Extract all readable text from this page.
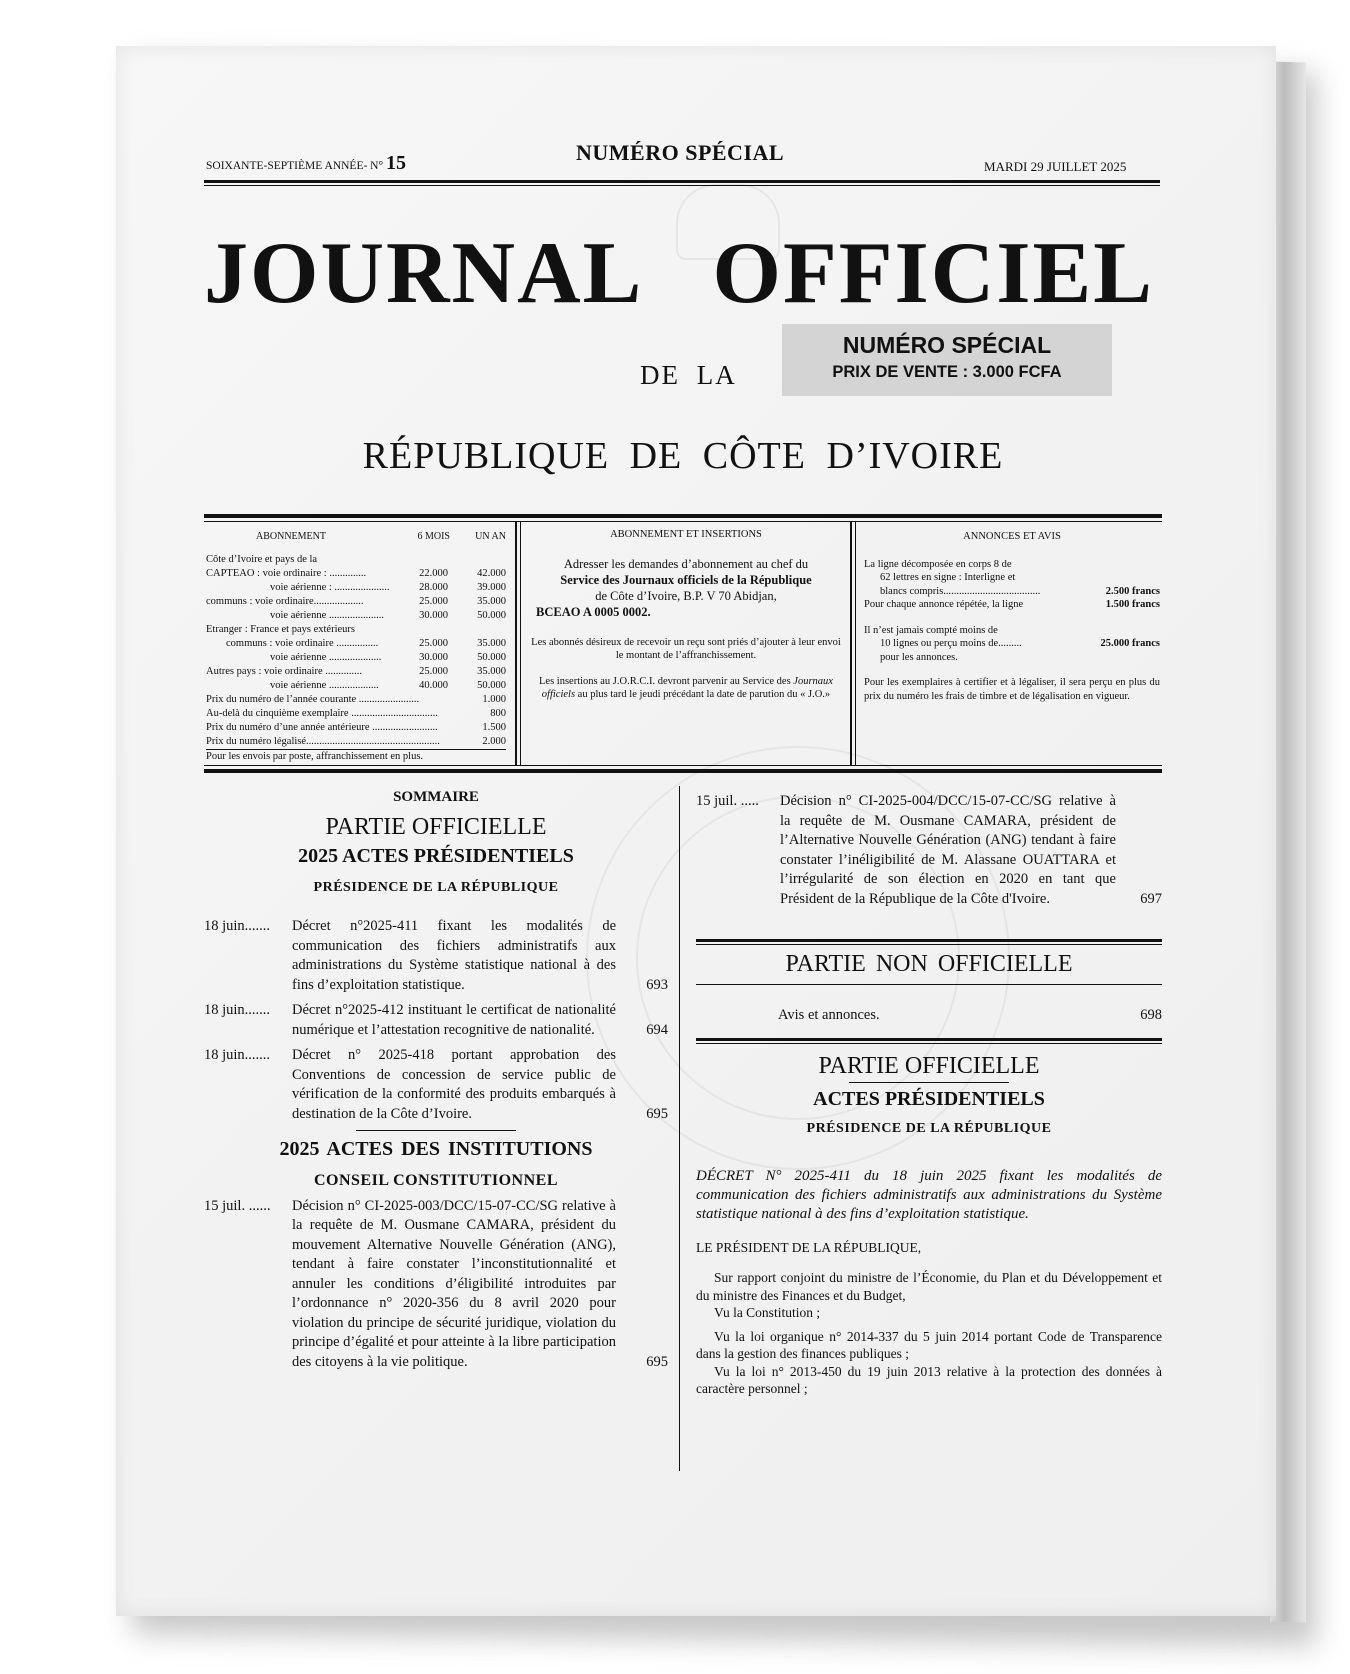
SOIXANTE-SEPTIÈME ANNÉE- N° 15	NUMÉRO SPÉCIAL
MARDI 29 JUILLET 2025
JOURNAL OFFICIEL
DE LA
NUMÉRO SPÉCIAL
PRIX DE VENTE : 3.000 FCFA
RÉPUBLIQUE DE CÔTE D’IVOIRE
ABONNEMENT	6 MOIS	UN AN
Côte d’Ivoire et pays de la
CAPTEAO : voie ordinaire : ..............	22.000	42.000
voie aérienne : .....................	28.000	39.000
communs : voie ordinaire...................	25.000	35.000
voie aérienne .....................	30.000	50.000
Etranger : France et pays extérieurs
communs : voie ordinaire ................	25.000	35.000
voie aérienne ....................	30.000	50.000
Autres pays : voie ordinaire ..............	25.000	35.000
voie aérienne ...................	40.000	50.000
Prix du numéro de l’année courante .......................	1.000
Au-delà du cinquième exemplaire .................................	800
Prix du numéro d’une année antérieure .........................	1.500
Prix du numéro légalisé...................................................	2.000
Pour les envois par poste, affranchissement en plus.
ABONNEMENT ET INSERTIONS
Adresser les demandes d’abonnement au chef du
Service des Journaux officiels de la République
de Côte d’Ivoire, B.P. V 70 Abidjan,
BCEAO A 0005 0002.
Les abonnés désireux de recevoir un reçu sont priés d’ajouter à leur envoi le montant de l’affranchissement.
Les insertions au J.O.R.C.I. devront parvenir au Service des Journaux officiels au plus tard le jeudi précédant la date de parution du « J.O.»
ANNONCES ET AVIS
La ligne décomposée en corps 8 de
62 lettres en signe : Interligne et
blancs compris.....................................	2.500 francs
Pour chaque annonce répétée, la ligne	1.500 francs
Il n’est jamais compté moins de
10 lignes ou perçu moins de.........	25.000 francs
pour les annonces.
Pour les exemplaires à certifier et à légaliser, il sera perçu en plus du prix du numéro les frais de timbre et de légalisation en vigueur.
SOMMAIRE
PARTIE OFFICIELLE
2025 ACTES PRÉSIDENTIELS
PRÉSIDENCE DE LA RÉPUBLIQUE
18 juin.......	Décret n°2025-411 fixant les modalités de communication des fichiers administratifs aux administrations du Système statistique national à des fins d’exploitation statistique.	693
18 juin.......	Décret n°2025-412 instituant le certificat de nationalité numérique et l’attestation recognitive de nationalité.	694
18 juin.......	Décret n° 2025-418 portant approbation des Conventions de concession de service public de vérification de la conformité des produits embarqués à destination de la Côte d’Ivoire.	695
2025 ACTES DES INSTITUTIONS
CONSEIL CONSTITUTIONNEL
15 juil. ......	Décision n° CI-2025-003/DCC/15-07-CC/SG relative à la requête de M. Ousmane CAMARA, président du mouvement Alternative Nouvelle Génération (ANG), tendant à faire constater l’inconstitutionnalité et annuler les conditions d’éligibilité introduites par l’ordonnance n° 2020-356 du 8 avril 2020 pour violation du principe de sécurité juridique, violation du principe d’égalité et pour atteinte à la libre participation des citoyens à la vie politique.	695
15 juil. .....	Décision n° CI-2025-004/DCC/15-07-CC/SG relative à la requête de M. Ousmane CAMARA, président de l’Alternative Nouvelle Génération (ANG) tendant à faire constater l’inéligibilité de M. Alassane OUATTARA et l’irrégularité de son élection en 2020 en tant que Président de la République de la Côte d'Ivoire.	697
PARTIE NON OFFICIELLE
Avis et annonces.	698
PARTIE OFFICIELLE
ACTES PRÉSIDENTIELS
PRÉSIDENCE DE LA RÉPUBLIQUE
DÉCRET N° 2025-411 du 18 juin 2025 fixant les modalités de communication des fichiers administratifs aux administrations du Système statistique national à des fins d’exploitation statistique.
LE PRÉSIDENT DE LA RÉPUBLIQUE,
Sur rapport conjoint du ministre de l’Économie, du Plan et du Développement et du ministre des Finances et du Budget,
Vu la Constitution ;
Vu la loi organique n° 2014-337 du 5 juin 2014 portant Code de Transparence dans la gestion des finances publiques ;
Vu la loi n° 2013-450 du 19 juin 2013 relative à la protection des données à caractère personnel ;
